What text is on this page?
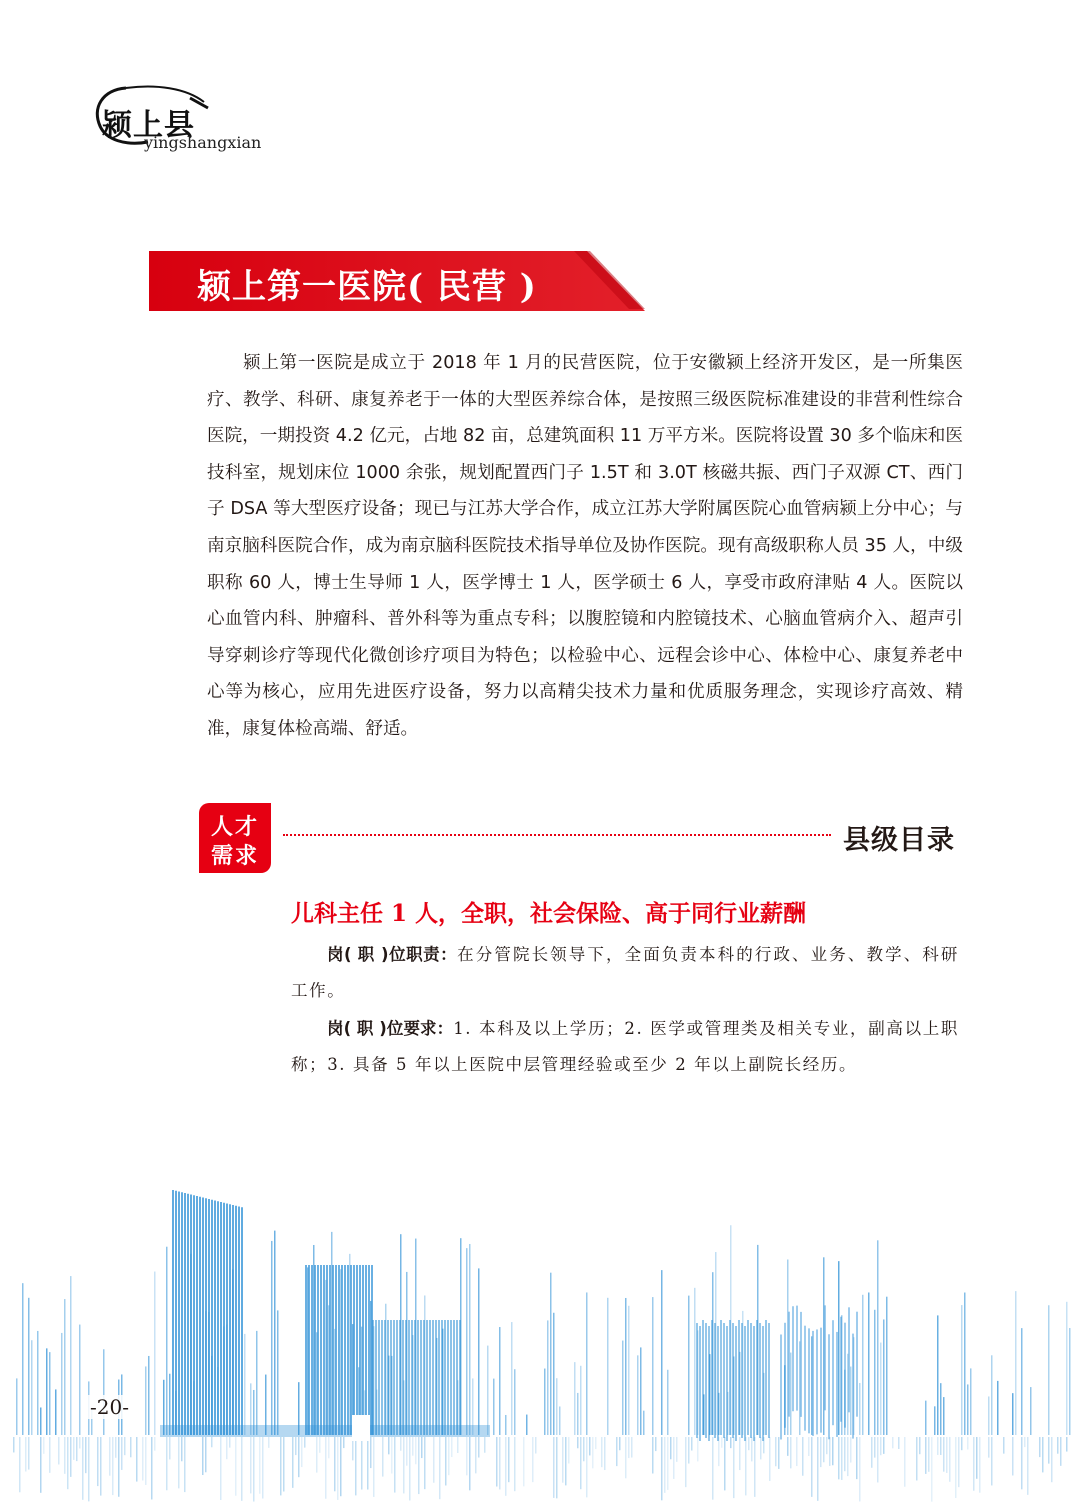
颍上县
yingshangxian
颍上第一医院( 民营 )

颍上第一医院是成立于 2018 年 1 月的民营医院，位于安徽颍上经济开发区，是一所集医疗、教学、科研、康复养老于一体的大型医养综合体，是按照三级医院标准建设的非营利性综合医院，一期投资 4.2 亿元，占地 82 亩，总建筑面积 11 万平方米。医院将设置 30 多个临床和医技科室，规划床位 1000 余张，规划配置西门子 1.5T 和 3.0T 核磁共振、西门子双源 CT、西门子 DSA 等大型医疗设备；现已与江苏大学合作，成立江苏大学附属医院心血管病颍上分中心；与南京脑科医院合作，成为南京脑科医院技术指导单位及协作医院。现有高级职称人员 35 人，中级职称 60 人，博士生导师 1 人，医学博士 1 人，医学硕士 6 人，享受市政府津贴 4 人。医院以心血管内科、肿瘤科、普外科等为重点专科；以腹腔镜和内腔镜技术、心脑血管病介入、超声引导穿刺诊疗等现代化微创诊疗项目为特色；以检验中心、远程会诊中心、体检中心、康复养老中心等为核心，应用先进医疗设备，努力以高精尖技术力量和优质服务理念，实现诊疗高效、精准，康复体检高端、舒适。

人才
需求	县级目录
儿科主任 1 人，全职，社会保险、高于同行业薪酬

岗( 职 )位职责：在分管院长领导下，全面负责本科的行政、业务、教学、科研工作。

岗( 职 )位要求：1. 本科及以上学历；2. 医学或管理类及相关专业，副高以上职称；3. 具备 5 年以上医院中层管理经验或至少 2 年以上副院长经历。

-20-
